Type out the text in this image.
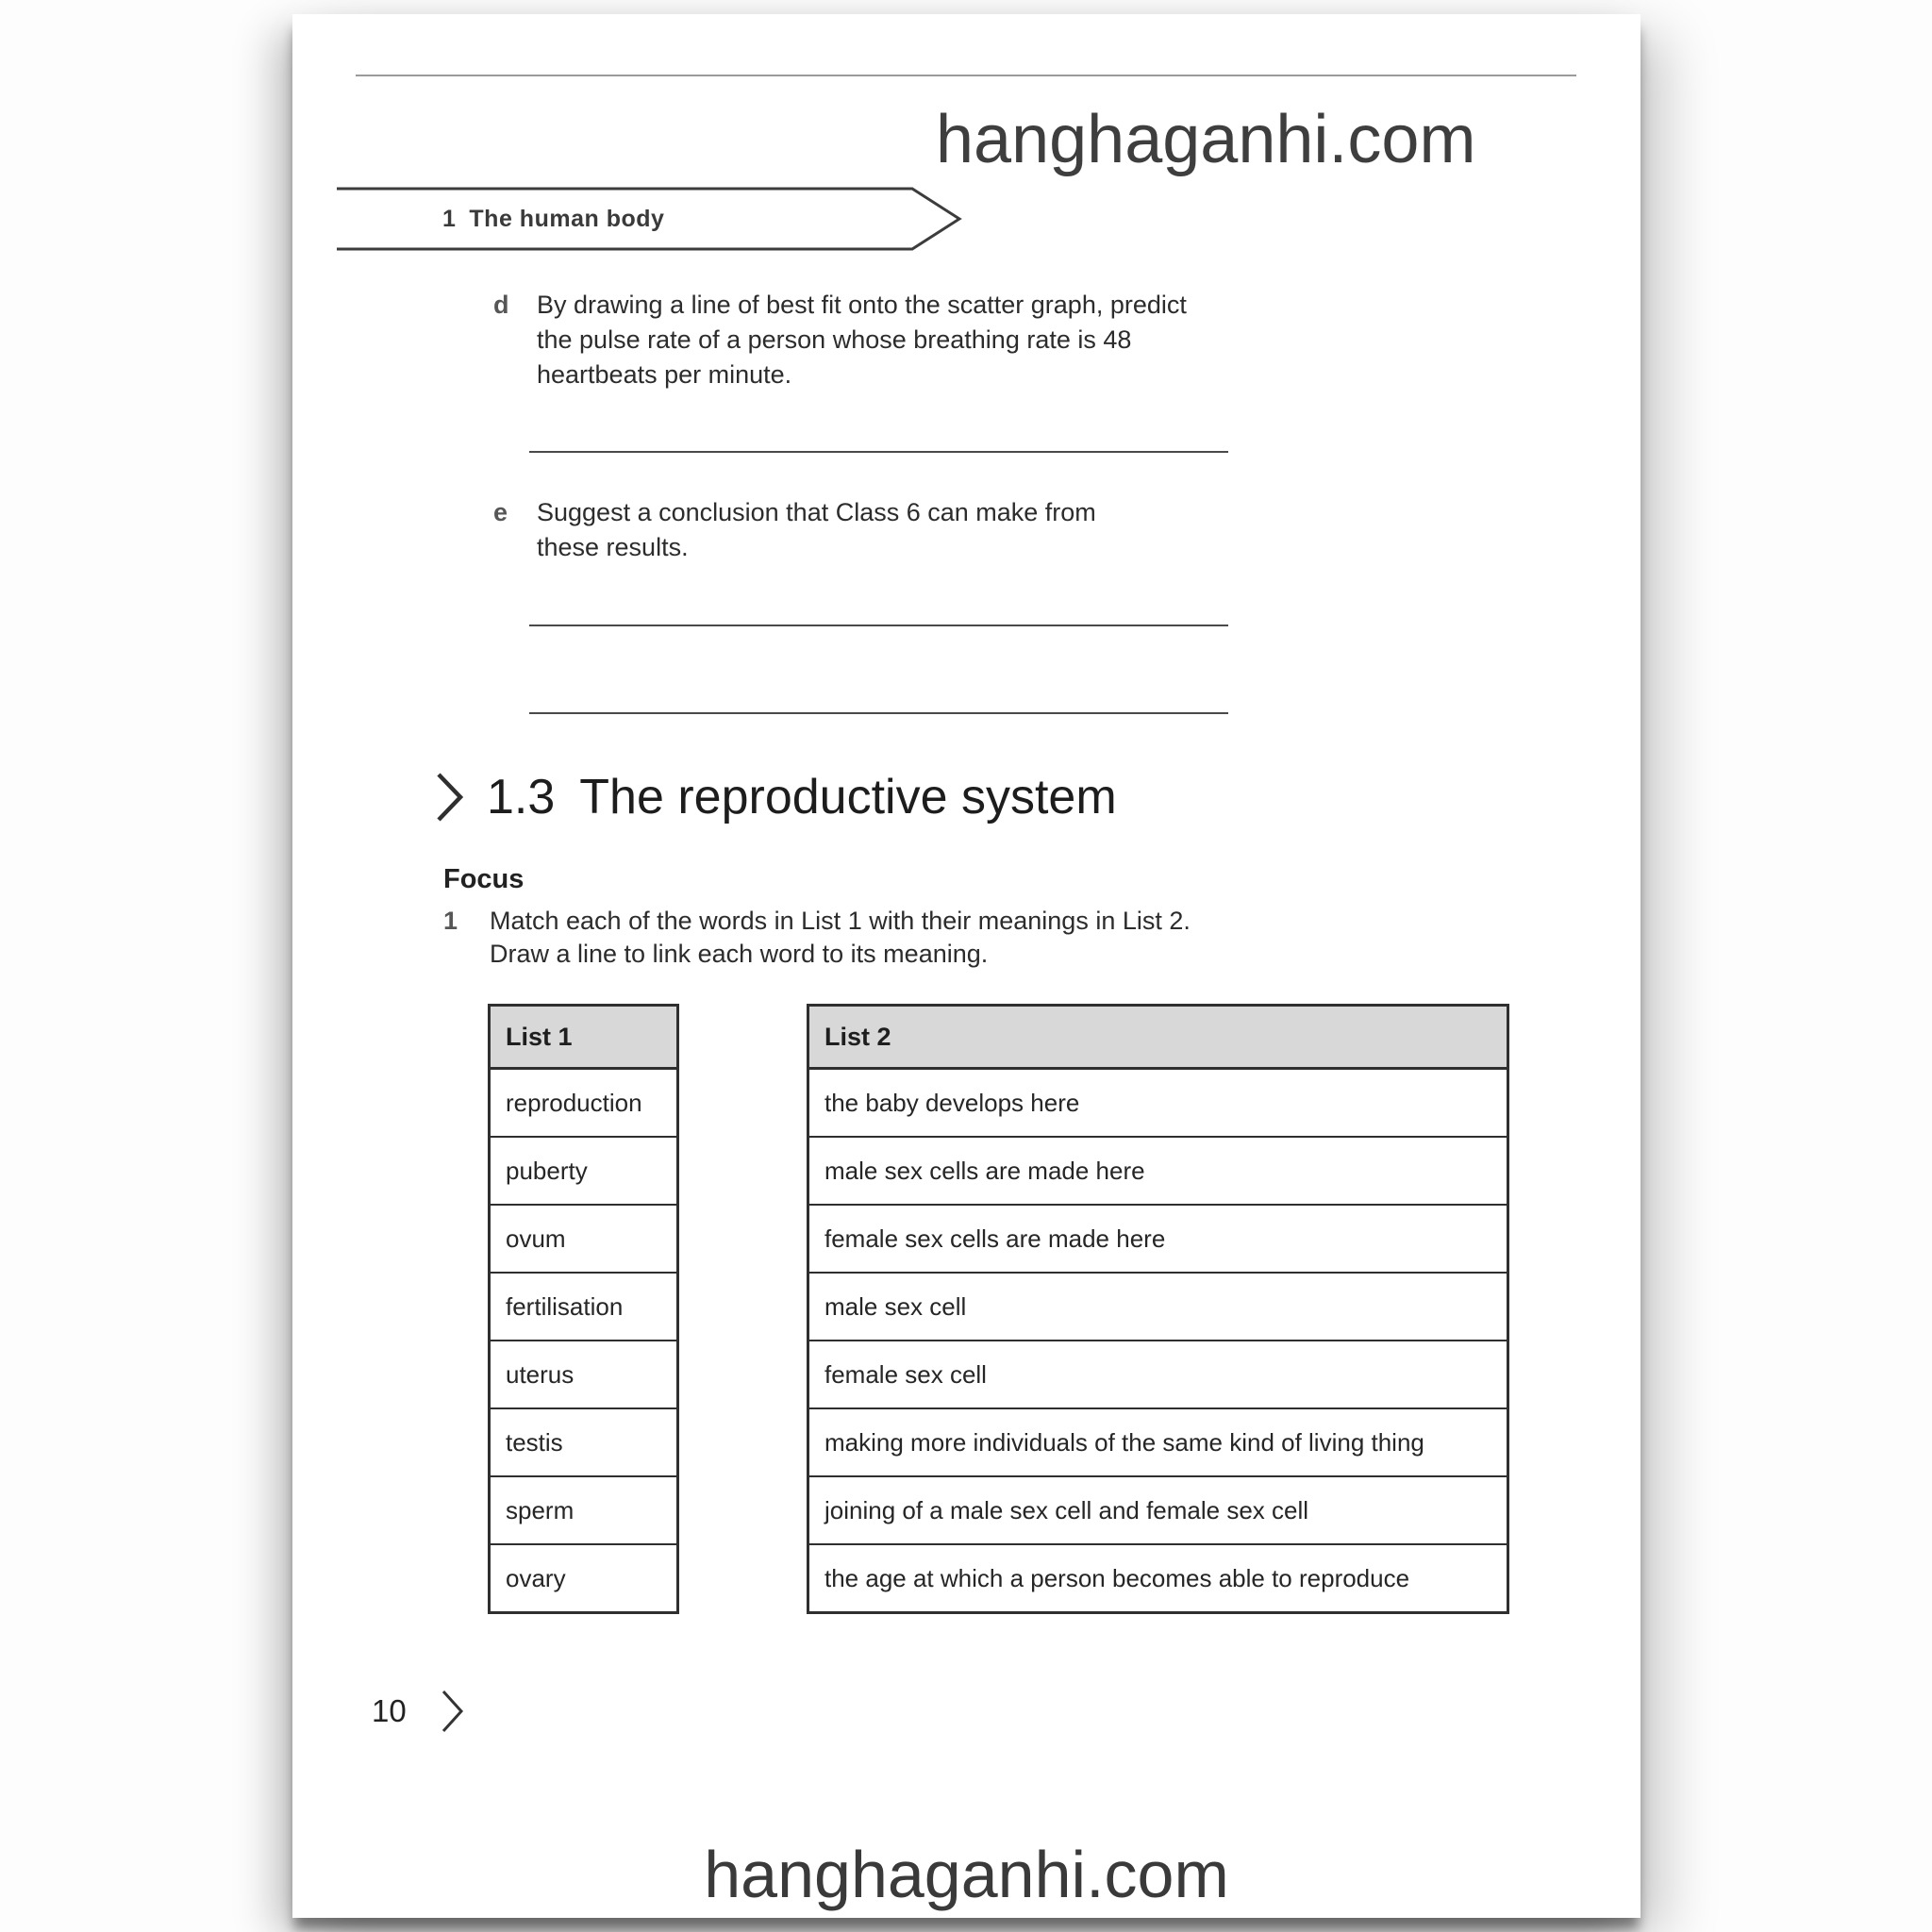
hanghaganhi.com
1 The human body
d	By drawing a line of best fit onto the scatter graph, predict
the pulse rate of a person whose breathing rate is 48
heartbeats per minute.
e	Suggest a conclusion that Class 6 can make from
these results.
1.3 The reproductive system
Focus
1	Match each of the words in List 1 with their meanings in List 2.
Draw a line to link each word to its meaning.
List 1
reproduction
puberty
ovum
fertilisation
uterus
testis
sperm
ovary
List 2
the baby develops here
male sex cells are made here
female sex cells are made here
male sex cell
female sex cell
making more individuals of the same kind of living thing
joining of a male sex cell and female sex cell
the age at which a person becomes able to reproduce
10
hanghaganhi.com
